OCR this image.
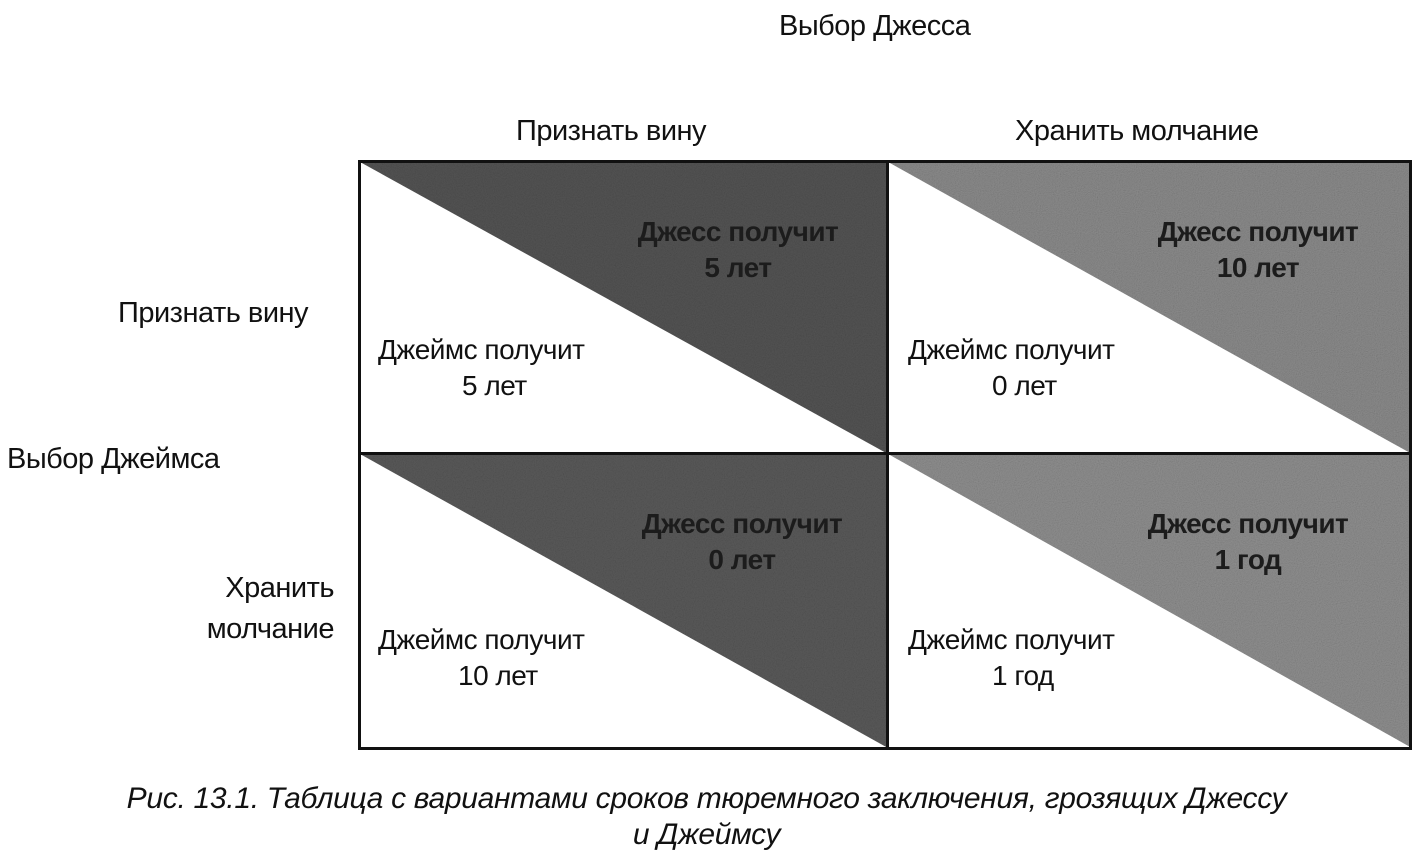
Выбор Джесса
Признать вину	Хранить молчание
Выбор Джеймса
Признать вину
Хранить
молчание
Джесс получит
5 лет
Джеймс получит
5 лет
Джесс получит
10 лет
Джеймс получит
0 лет
Джесс получит
0 лет
Джеймс получит
10 лет
Джесс получит
1 год
Джеймс получит
1 год
Рис. 13.1. Таблица с вариантами сроков тюремного заключения, грозящих Джессу
и Джеймсу
